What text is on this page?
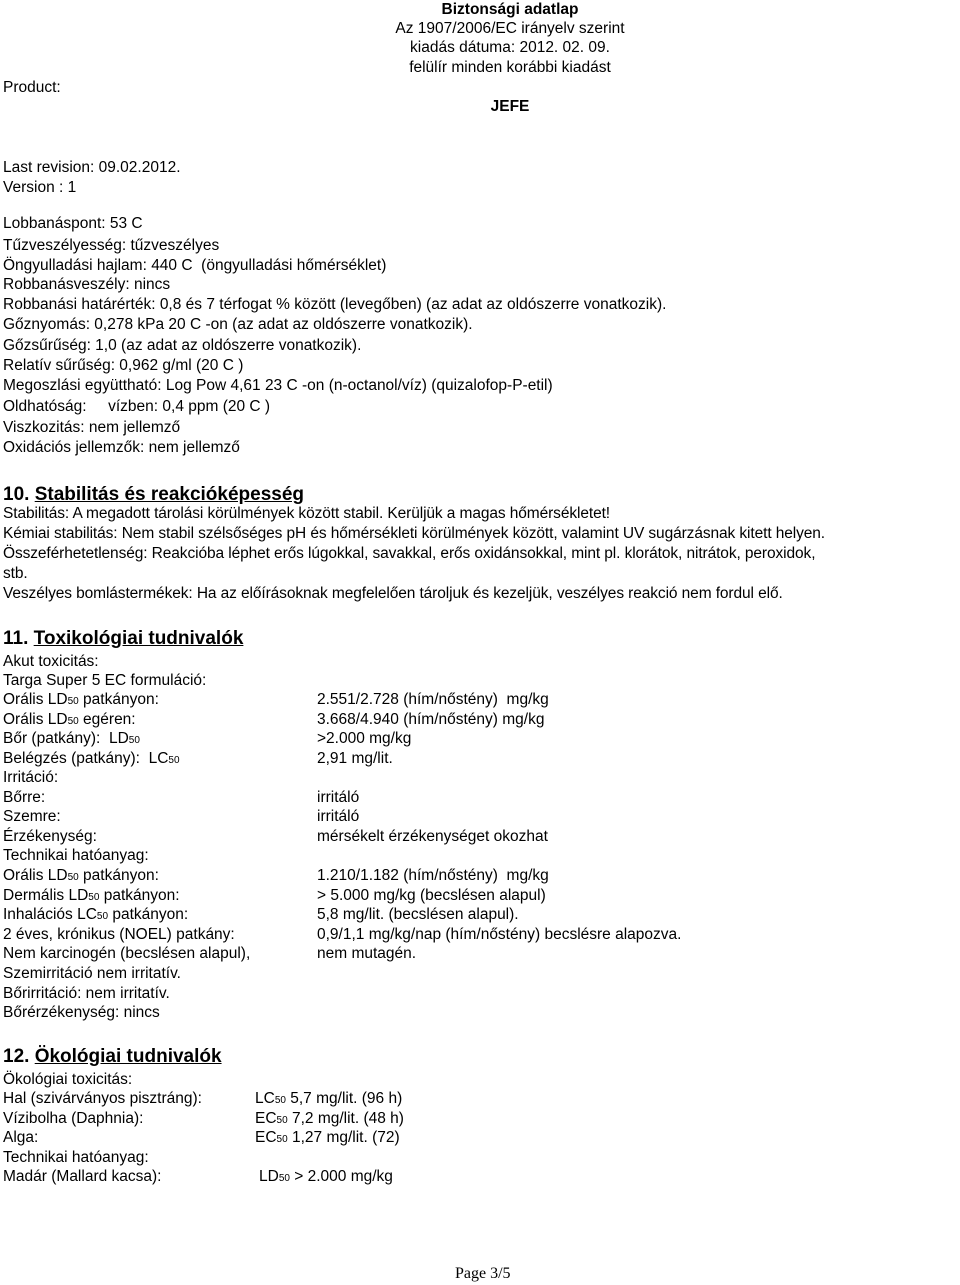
Biztonsági adatlap
Az 1907/2006/EC irányelv szerint
kiadás dátuma: 2012. 02. 09.
felülír minden korábbi kiadást
Product:
JEFE
Last revision: 09.02.2012.
Version : 1
Lobbanáspont: 53 C
Tűzveszélyesség: tűzveszélyes
Öngyulladási hajlam: 440 C  (öngyulladási hőmérséklet)
Robbanásveszély: nincs
Robbanási határérték: 0,8 és 7 térfogat % között (levegőben) (az adat az oldószerre vonatkozik).
Gőznyomás: 0,278 kPa 20 C -on (az adat az oldószerre vonatkozik).
Gőzsűrűség: 1,0 (az adat az oldószerre vonatkozik).
Relatív sűrűség: 0,962 g/ml (20 C )
Megoszlási együttható: Log Pow 4,61 23 C -on (n-octanol/víz) (quizalofop-P-etil)
Oldhatóság:     vízben: 0,4 ppm (20 C )
Viszkozitás: nem jellemző
Oxidációs jellemzők: nem jellemző
10. Stabilitás és reakcióképesség
Stabilitás: A megadott tárolási körülmények között stabil. Kerüljük a magas hőmérsékletet!
Kémiai stabilitás: Nem stabil szélsőséges pH és hőmérsékleti körülmények között, valamint UV sugárzásnak kitett helyen.
Összeférhetetlenség: Reakcióba léphet erős lúgokkal, savakkal, erős oxidánsokkal, mint pl. klorátok, nitrátok, peroxidok,
stb.
Veszélyes bomlástermékek: Ha az előírásoknak megfelelően tároljuk és kezeljük, veszélyes reakció nem fordul elő.
11. Toxikológiai tudnivalók
Akut toxicitás:
Targa Super 5 EC formuláció:
Orális LD50 patkányon:	2.551/2.728 (hím/nőstény)  mg/kg
Orális LD50 egéren:	3.668/4.940 (hím/nőstény) mg/kg
Bőr (patkány):  LD50	>2.000 mg/kg
Belégzés (patkány):  LC50	2,91 mg/lit.
Irritáció:
Bőrre:	irritáló
Szemre:	irritáló
Érzékenység:	mérsékelt érzékenységet okozhat
Technikai hatóanyag:
Orális LD50 patkányon:	1.210/1.182 (hím/nőstény)  mg/kg
Dermális LD50 patkányon:	> 5.000 mg/kg (becslésen alapul)
Inhalációs LC50 patkányon:	5,8 mg/lit. (becslésen alapul).
2 éves, krónikus (NOEL) patkány:	0,9/1,1 mg/kg/nap (hím/nőstény) becslésre alapozva.
Nem karcinogén (becslésen alapul),	nem mutagén.
Szemirritáció nem irritatív.
Bőrirritáció: nem irritatív.
Bőrérzékenység: nincs
12. Ökológiai tudnivalók
Ökológiai toxicitás:
Hal (szivárványos pisztráng):	LC50 5,7 mg/lit. (96 h)
Vízibolha (Daphnia):	EC50 7,2 mg/lit. (48 h)
Alga:	EC50 1,27 mg/lit. (72)
Technikai hatóanyag:
Madár (Mallard kacsa):	LD50 > 2.000 mg/kg
Page 3/5
